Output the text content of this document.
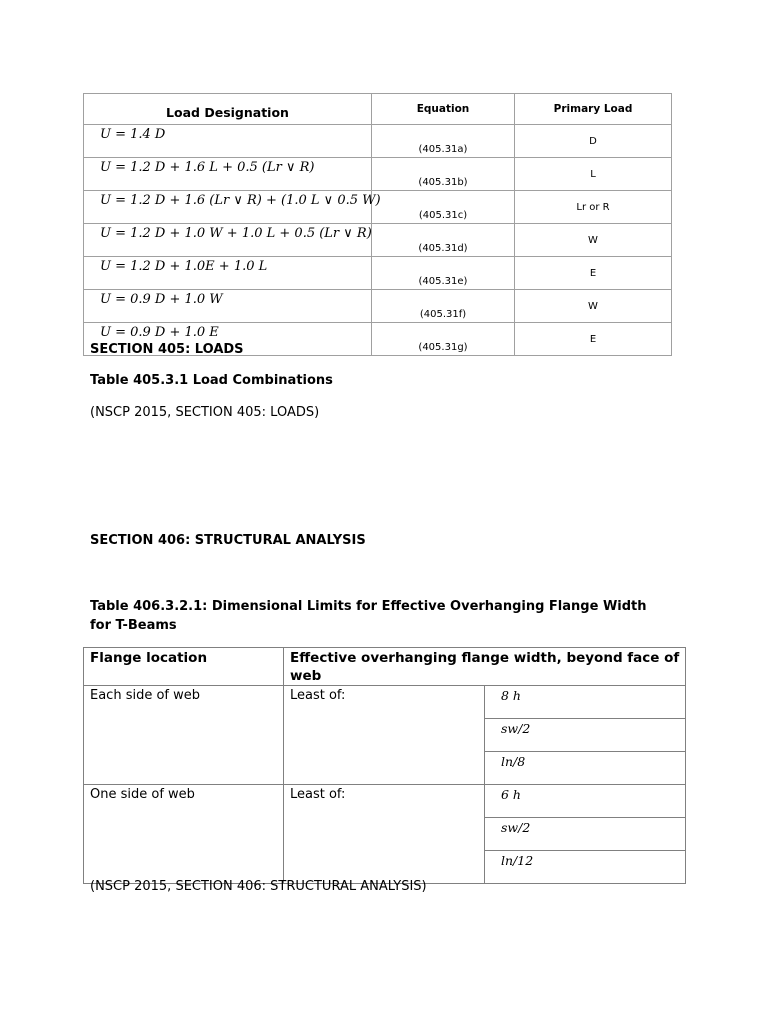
Load Designation	Equation	Primary Load
U = 1.4 D	(405.31a)	D
U = 1.2 D + 1.6 L + 0.5 (Lr ∨ R)	(405.31b)	L
U = 1.2 D + 1.6 (Lr ∨ R) + (1.0 L ∨ 0.5 W)	(405.31c)	Lr or R
U = 1.2 D + 1.0 W + 1.0 L + 0.5 (Lr ∨ R)	(405.31d)	W
U = 1.2 D + 1.0E + 1.0 L	(405.31e)	E
U = 0.9 D + 1.0 W	(405.31f)	W
U = 0.9 D + 1.0 E	(405.31g)	E
SECTION 405: LOADS
Table 405.3.1 Load Combinations
(NSCP 2015, SECTION 405: LOADS)
SECTION 406: STRUCTURAL ANALYSIS
Table 406.3.2.1: Dimensional Limits for Effective Overhanging Flange Width for T-Beams
Flange location	Effective overhanging flange width, beyond face of web	
Each side of web	Least of:	8 h
		sw/2
		ln/8
One side of web	Least of:	6 h
		sw/2
		ln/12
(NSCP 2015, SECTION 406: STRUCTURAL ANALYSIS)
